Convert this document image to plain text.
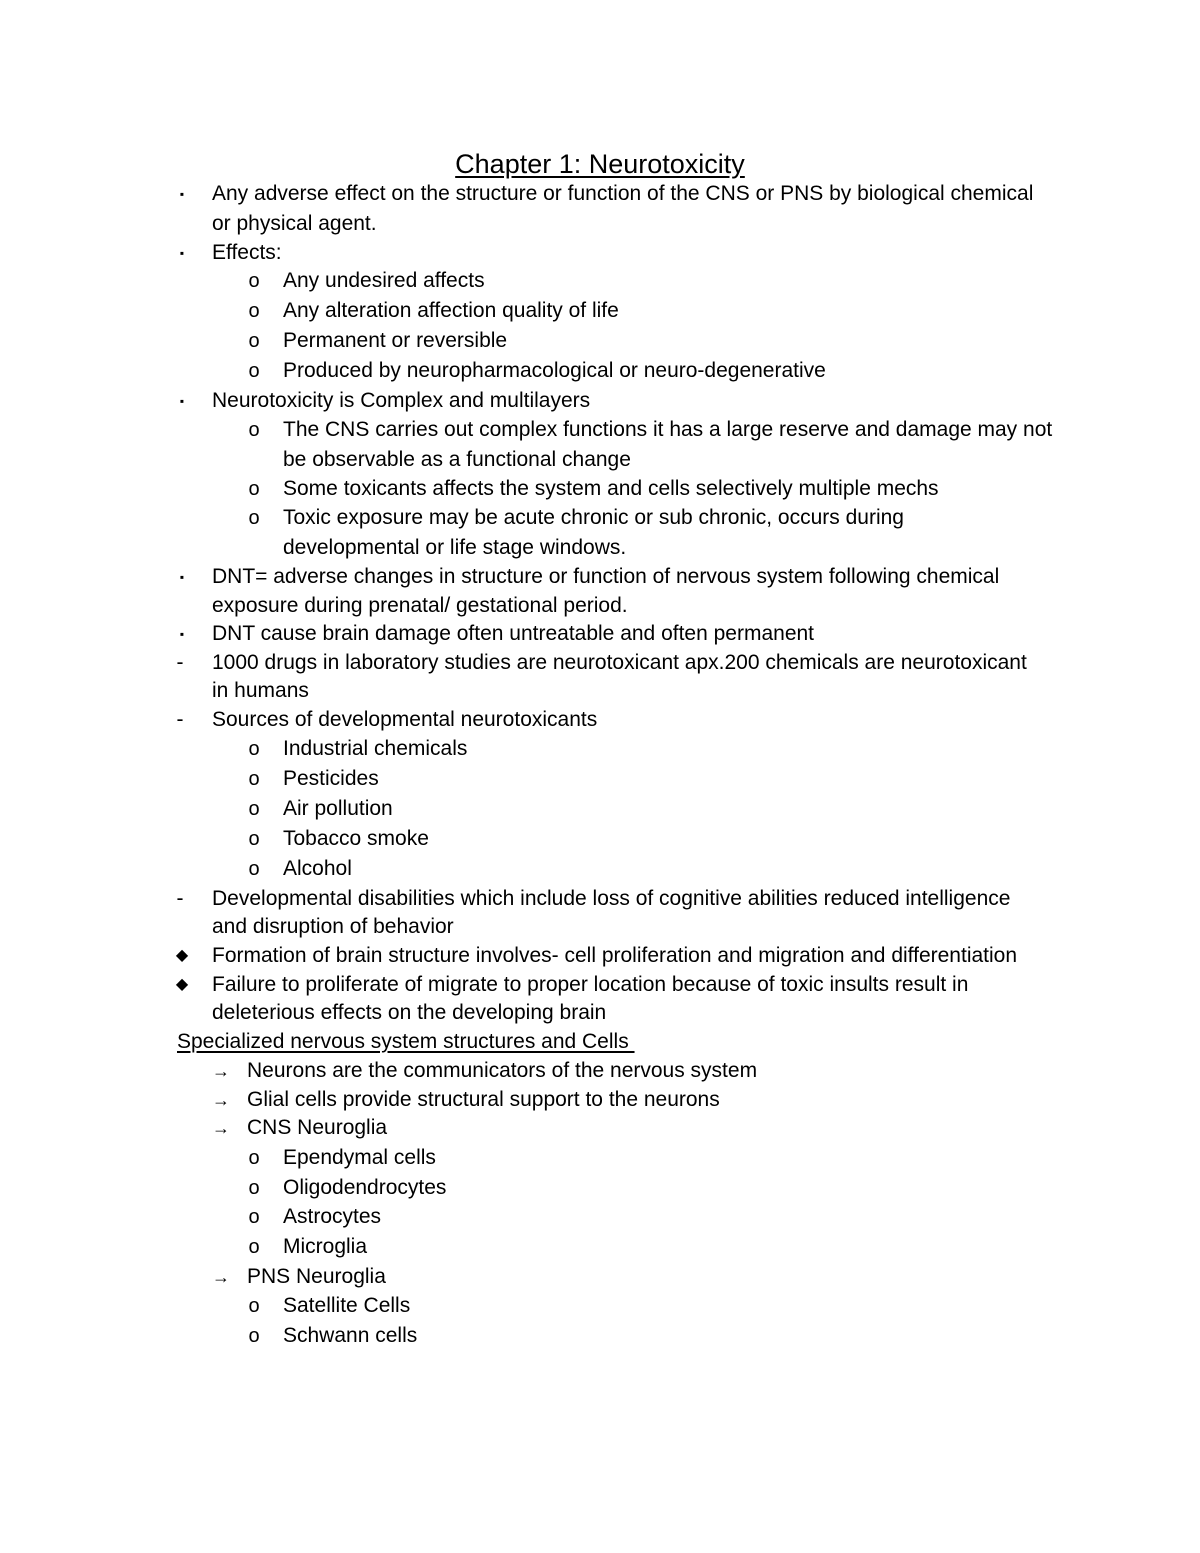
Chapter 1: Neurotoxicity
▪ Any adverse effect on the structure or function of the CNS or PNS by biological chemical
or physical agent.
▪ Effects:
o Any undesired affects
o Any alteration affection quality of life
o Permanent or reversible
o Produced by neuropharmacological or neuro-degenerative
▪ Neurotoxicity is Complex and multilayers
o The CNS carries out complex functions it has a large reserve and damage may not
be observable as a functional change
o Some toxicants affects the system and cells selectively multiple mechs
o Toxic exposure may be acute chronic or sub chronic, occurs during
developmental or life stage windows.
▪ DNT= adverse changes in structure or function of nervous system following chemical
exposure during prenatal/ gestational period.
▪ DNT cause brain damage often untreatable and often permanent
- 1000 drugs in laboratory studies are neurotoxicant apx.200 chemicals are neurotoxicant
in humans
- Sources of developmental neurotoxicants
o Industrial chemicals
o Pesticides
o Air pollution
o Tobacco smoke
o Alcohol
- Developmental disabilities which include loss of cognitive abilities reduced intelligence
and disruption of behavior
◆ Formation of brain structure involves- cell proliferation and migration and differentiation
◆ Failure to proliferate of migrate to proper location because of toxic insults result in
deleterious effects on the developing brain
Specialized nervous system structures and Cells
→ Neurons are the communicators of the nervous system
→ Glial cells provide structural support to the neurons
→ CNS Neuroglia
o Ependymal cells
o Oligodendrocytes
o Astrocytes
o Microglia
→ PNS Neuroglia
o Satellite Cells
o Schwann cells
